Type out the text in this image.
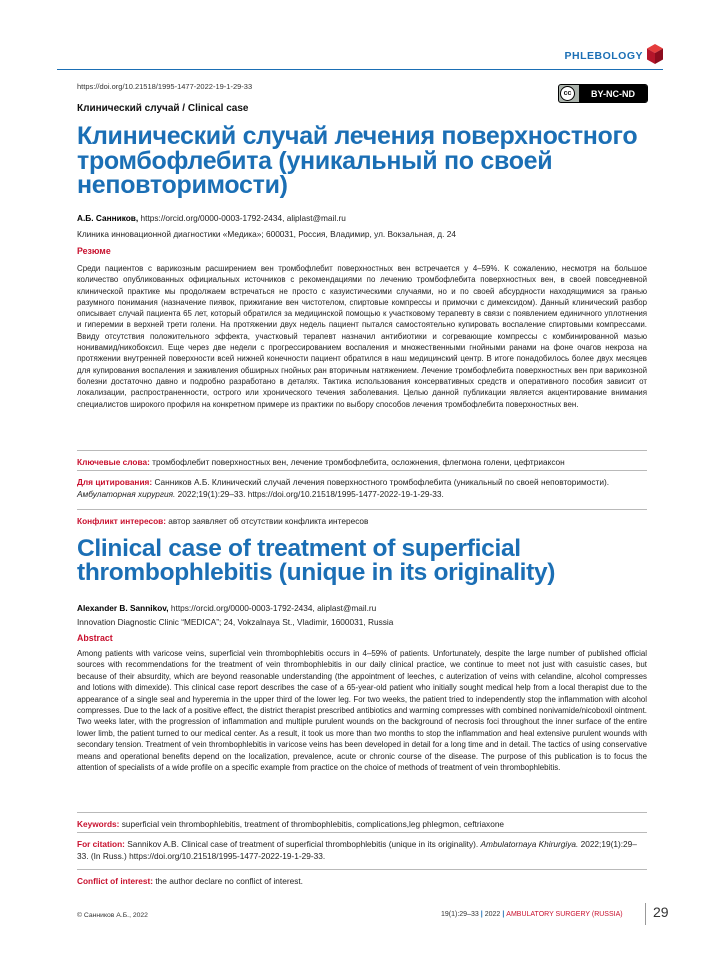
PHLEBOLOGY
https://doi.org/10.21518/1995-1477-2022-19-1-29-33
cc	BY-NC-ND
Клинический случай / Clinical case
Клинический случай лечения поверхностного тромбофлебита (уникальный по своей неповторимости)
А.Б. Санников, https://orcid.org/0000-0003-1792-2434, aliplast@mail.ru
Клиника инновационной диагностики «Медика»; 600031, Россия, Владимир, ул. Вокзальная, д. 24
Резюме
Среди пациентов с варикозным расширением вен тромбофлебит поверхностных вен встречается у 4–59%. К сожалению, несмотря на большое количество опубликованных официальных источников с рекомендациями по лечению тромбофлебита поверхностных вен, в своей повседневной клинической практике мы продолжаем встречаться не просто с казуистическими случаями, но и по своей абсурдности находящимися за гранью разумного понимания (назначение пиявок, прижигание вен чистотелом, спиртовые компрессы и примочки с димексидом). Данный клинический разбор описывает случай пациента 65 лет, который обратился за медицинской помощью к участковому терапевту в связи с появлением единичного уплотнения и гиперемии в верхней трети голени. На протяжении двух недель пациент пытался самостоятельно купировать воспаление спиртовыми компрессами. Ввиду отсутствия положительного эффекта, участковый терапевт назначил антибиотики и согревающие компрессы с комбинированной мазью нонивамид/никобоксил. Еще через две недели с прогрессированием воспаления и множественными гнойными ранами на фоне очагов некроза на протяжении внутренней поверхности всей нижней конечности пациент обратился в наш медицинский центр. В итоге понадобилось более двух месяцев для купирования воспаления и заживления обширных гнойных ран вторичным натяжением. Лечение тромбофлебита поверхностных вен при варикозной болезни достаточно давно и подробно разработано в деталях. Тактика использования консервативных средств и оперативного пособия зависит от локализации, распространенности, острого или хронического течения заболевания. Целью данной публикации является акцентирование внимания специалистов широкого профиля на конкретном примере из практики по выбору способов лечения тромбофлебита поверхностных вен.
Ключевые слова: тромбофлебит поверхностных вен, лечение тромбофлебита, осложнения, флегмона голени, цефтриаксон
Для цитирования: Санников А.Б. Клинический случай лечения поверхностного тромбофлебита (уникальный по своей неповторимости). Амбулаторная хирургия. 2022;19(1):29–33. https://doi.org/10.21518/1995-1477-2022-19-1-29-33.
Конфликт интересов: автор заявляет об отсутствии конфликта интересов
Clinical case of treatment of superficial thrombophlebitis (unique in its originality)
Alexander B. Sannikov, https://orcid.org/0000-0003-1792-2434, aliplast@mail.ru
Innovation Diagnostic Clinic “MEDICA”; 24, Vokzalnaya St., Vladimir, 1600031, Russia
Abstract
Among patients with varicose veins, superficial vein thrombophlebitis occurs in 4–59% of patients. Unfortunately, despite the large number of published official sources with recommendations for the treatment of vein thrombophlebitis in our daily clinical practice, we continue to meet not just with casuistic cases, but because of their absurdity, which are beyond reasonable understanding (the appointment of leeches, c auterization of veins with celandine, alcohol compresses and lotions with dimexide). This clinical case report describes the case of a 65-year-old patient who initially sought medical help from a local therapist due to the appearance of a single seal and hyperemia in the upper third of the lower leg. For two weeks, the patient tried to independently stop the inflammation with alcohol compresses. Due to the lack of a positive effect, the district therapist prescribed antibiotics and warming compresses with combined nonivamide/nicoboxil ointment. Two weeks later, with the progression of inflammation and multiple purulent wounds on the background of necrosis foci throughout the inner surface of the entire lower limb, the patient turned to our medical center. As a result, it took us more than two months to stop the inflammation and heal extensive purulent wounds with secondary tension. Treatment of vein thrombophlebitis in varicose veins has been developed in detail for a long time and in detail. The tactics of using conservative means and operational benefits depend on the localization, prevalence, acute or chronic course of the disease. The purpose of this publication is to focus the attention of specialists of a wide profile on a specific example from practice on the choice of methods of treatment of vein thrombophlebitis.
Keywords: superficial vein thrombophlebitis, treatment of thrombophlebitis, complications,leg phlegmon, ceftriaxone
For citation: Sannikov A.B. Clinical case of treatment of superficial thrombophlebitis (unique in its originality). Ambulatornaya Khirurgiya. 2022;19(1):29–33. (In Russ.) https://doi.org/10.21518/1995-1477-2022-19-1-29-33.
Conflict of interest: the author declare no conflict of interest.
© Санников А.Б., 2022	19(1):29–33 | 2022 | AMBULATORY SURGERY (RUSSIA) 29
